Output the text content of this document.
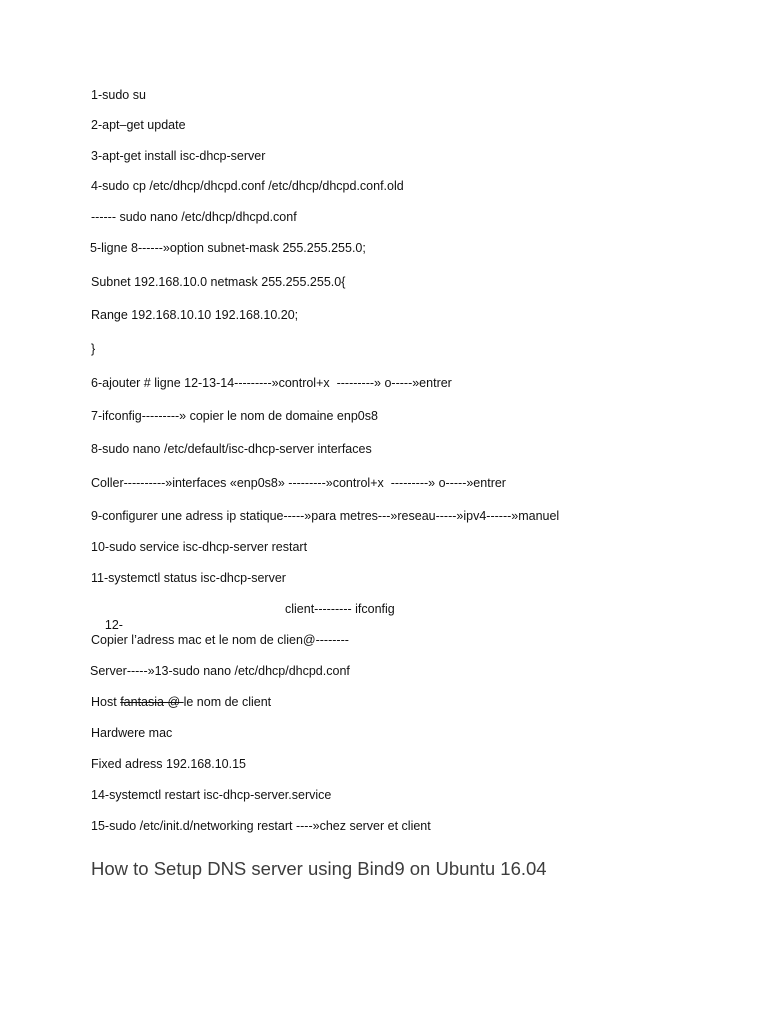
1-sudo su
2-apt–get update
3-apt-get install isc-dhcp-server
4-sudo cp /etc/dhcp/dhcpd.conf /etc/dhcp/dhcpd.conf.old
------ sudo nano /etc/dhcp/dhcpd.conf
5-ligne 8------»option subnet-mask 255.255.255.0;
Subnet 192.168.10.0 netmask 255.255.255.0{
Range 192.168.10.10 192.168.10.20;
}
6-ajouter # ligne 12-13-14---------»control+x  ---------» o-----»entrer
7-ifconfig---------» copier le nom de domaine enp0s8
8-sudo nano /etc/default/isc-dhcp-server interfaces
Coller----------»interfaces «enp0s8» ---------»control+x  ---------» o-----»entrer
9-configurer une adress ip statique-----»para metres---»reseau-----»ipv4------»manuel
10-sudo service isc-dhcp-server restart
11-systemctl status isc-dhcp-server

12-

client--------- ifconfig
Copier l’adress mac et le nom de clien@--------
Server-----»13-sudo nano /etc/dhcp/dhcpd.conf
Host fantasia @ le nom de client
Hardwere mac
Fixed adress 192.168.10.15
14-systemctl restart isc-dhcp-server.service
15-sudo /etc/init.d/networking restart ----»chez server et client
How to Setup DNS server using Bind9 on Ubuntu 16.04
